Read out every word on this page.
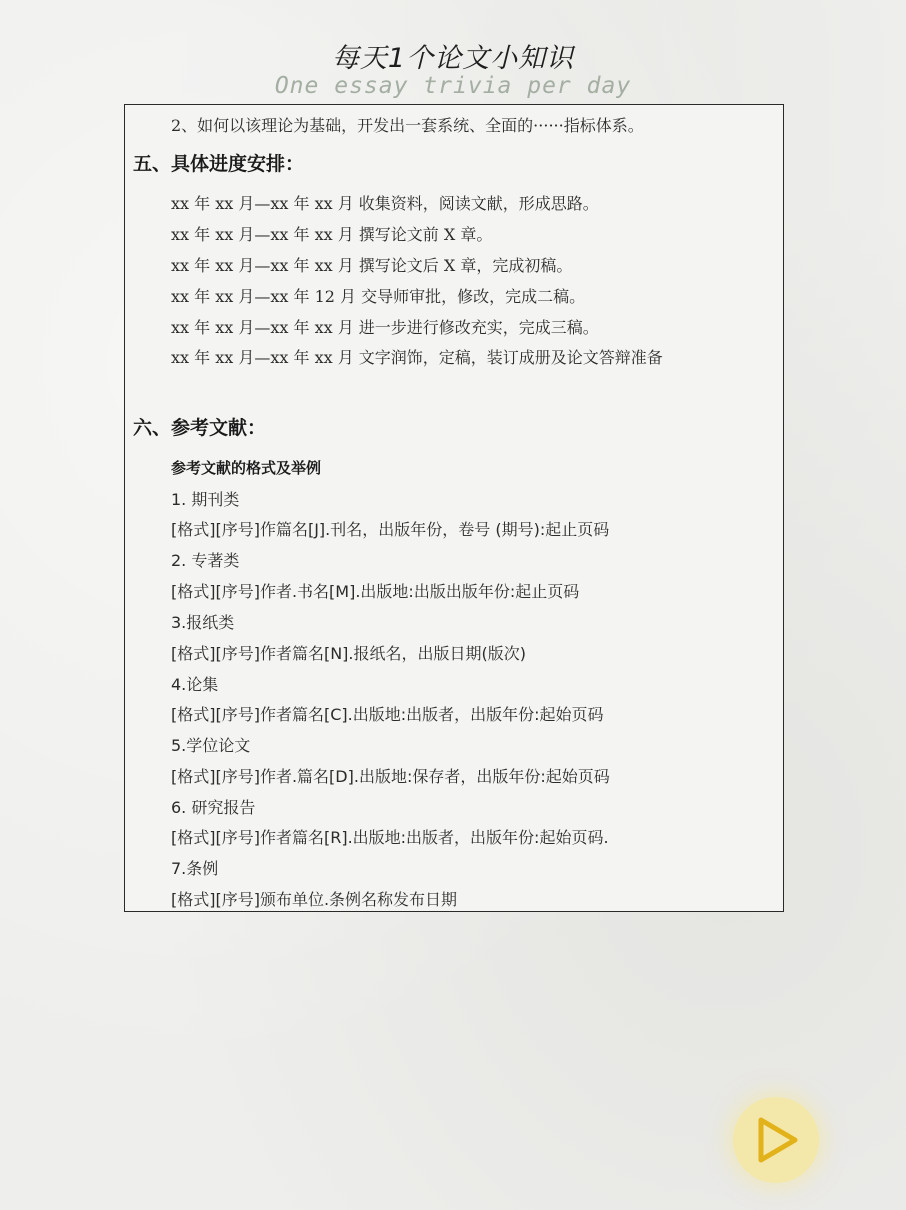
每天1个论文小知识
One essay trivia per day
2、如何以该理论为基础，开发出一套系统、全面的······指标体系。
五、具体进度安排：
xx 年 xx 月—xx 年 xx 月 收集资料，阅读文献，形成思路。
xx 年 xx 月—xx 年 xx 月 撰写论文前 X 章。
xx 年 xx 月—xx 年 xx 月 撰写论文后 X 章，完成初稿。
xx 年 xx 月—xx 年 12 月 交导师审批，修改，完成二稿。
xx 年 xx 月—xx 年 xx 月 进一步进行修改充实，完成三稿。
xx 年 xx 月—xx 年 xx 月 文字润饰，定稿，装订成册及论文答辩准备
六、参考文献：
参考文献的格式及举例
1. 期刊类
[格式][序号]作篇名[J].刊名，出版年份，卷号 (期号):起止页码
2. 专著类
[格式][序号]作者.书名[M].出版地:出版出版年份:起止页码
3.报纸类
[格式][序号]作者篇名[N].报纸名，出版日期(版次)
4.论集
[格式][序号]作者篇名[C].出版地:出版者，出版年份:起始页码
5.学位论文
[格式][序号]作者.篇名[D].出版地:保存者，出版年份:起始页码
6. 研究报告
[格式][序号]作者篇名[R].出版地:出版者，出版年份:起始页码.
7.条例
[格式][序号]颁布单位.条例名称发布日期
